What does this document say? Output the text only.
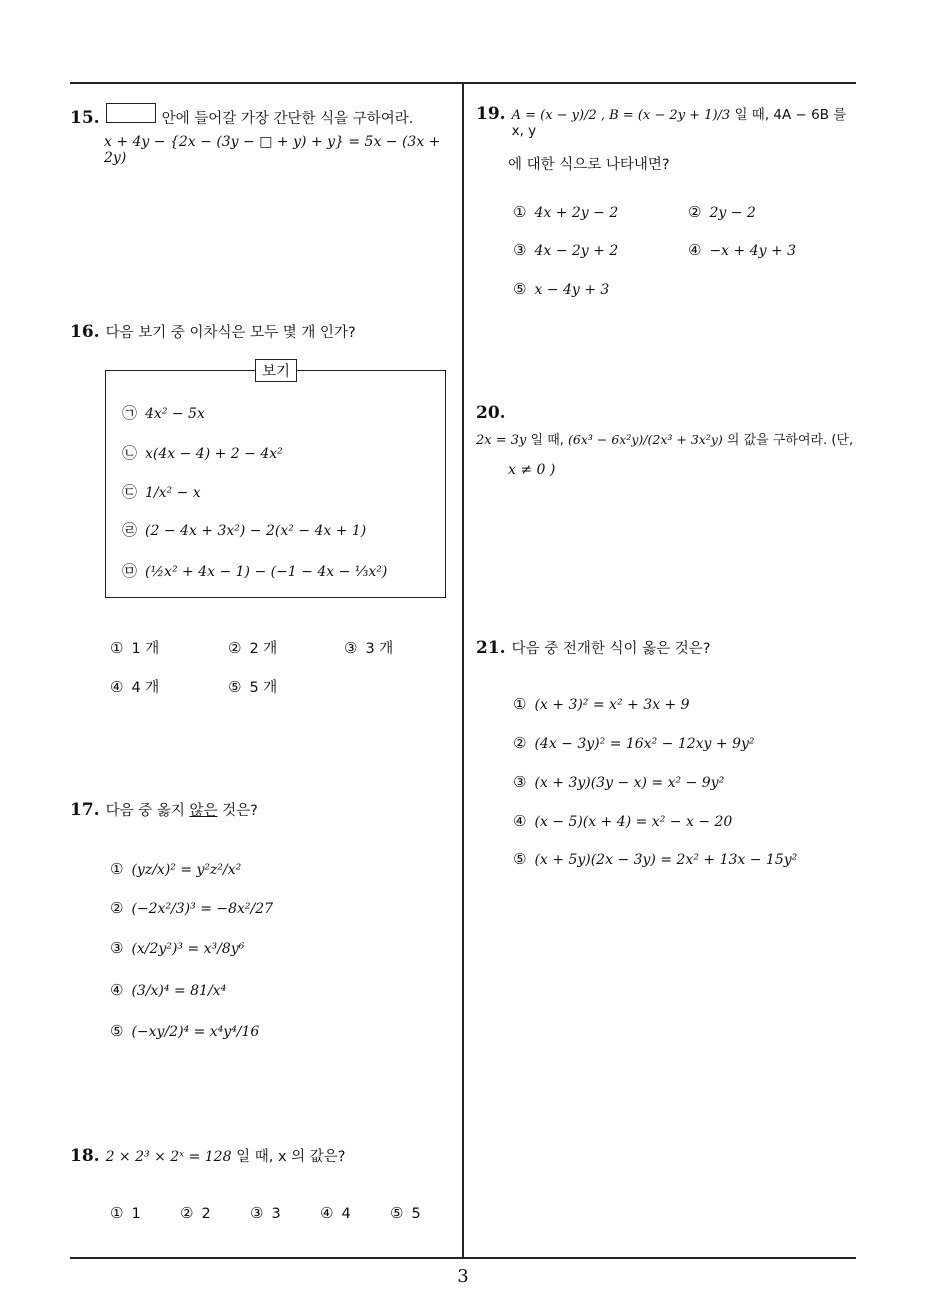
15.	안에 들어갈 가장 간단한 식을 구하여라.
x + 4y − {2x − (3y − □ + y) + y} = 5x − (3x + 2y)
16. 다음 보기 중 이차식은 모두 몇 개 인가?
보기
㉠ 4x² − 5x
㉡ x(4x − 4) + 2 − 4x²
㉢ 1/x² − x
㉣ (2 − 4x + 3x²) − 2(x² − 4x + 1)
㉤ (½x² + 4x − 1) − (−1 − 4x − ⅓x²)
① 1 개	② 2 개	③ 3 개
④ 4 개	⑤ 5 개
17. 다음 중 옳지 않은 것은?
① (yz/x)² = y²z²/x²
② (−2x²/3)³ = −8x²/27
③ (x/2y²)³ = x³/8y⁶
④ (3/x)⁴ = 81/x⁴
⑤ (−xy/2)⁴ = x⁴y⁴/16
18. 2 × 2³ × 2ˣ = 128 일 때, x 의 값은?
① 1	② 2	③ 3	④ 4	⑤ 5
19. A = (x − y)/2 , B = (x − 2y + 1)/3 일 때, 4A − 6B 를 x, y
에 대한 식으로 나타내면?
① 4x + 2y − 2	② 2y − 2
③ 4x − 2y + 2	④ −x + 4y + 3
⑤ x − 4y + 3
20.
2x = 3y 일 때, (6x³ − 6x²y)/(2x³ + 3x²y) 의 값을 구하여라. (단,
x ≠ 0 )
21. 다음 중 전개한 식이 옳은 것은?
① (x + 3)² = x² + 3x + 9
② (4x − 3y)² = 16x² − 12xy + 9y²
③ (x + 3y)(3y − x) = x² − 9y²
④ (x − 5)(x + 4) = x² − x − 20
⑤ (x + 5y)(2x − 3y) = 2x² + 13x − 15y²
3
